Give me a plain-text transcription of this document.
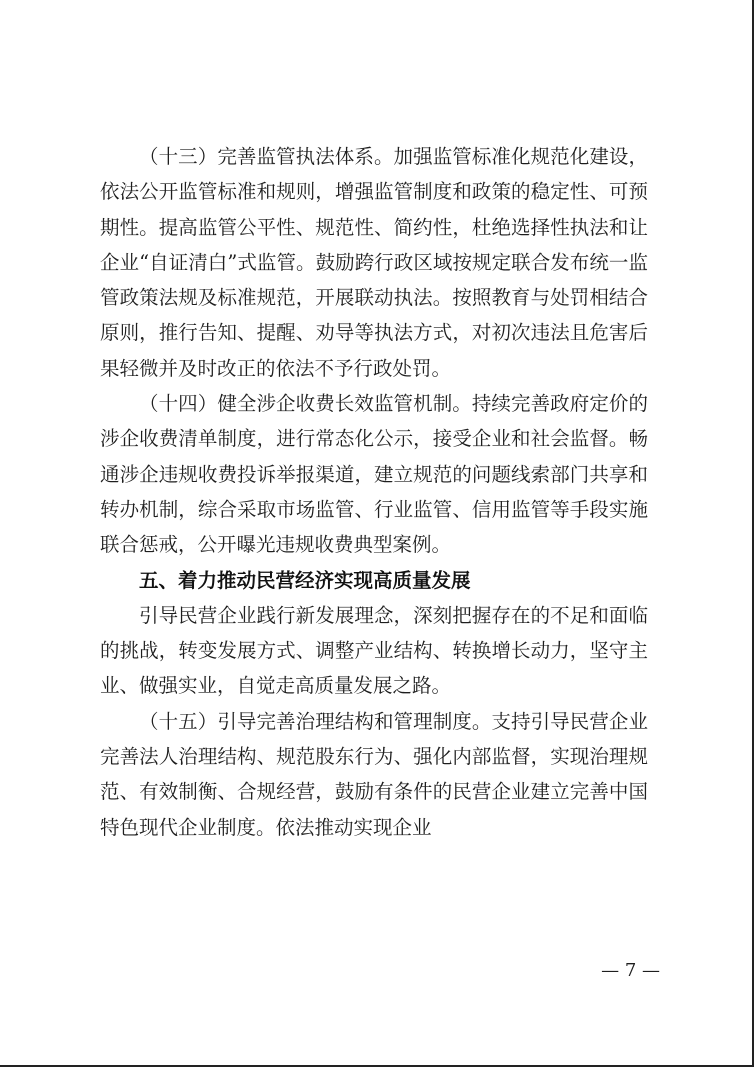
（十三）完善监管执法体系。加强监管标准化规范化建设，依法公开监管标准和规则，增强监管制度和政策的稳定性、可预期性。提高监管公平性、规范性、简约性，杜绝选择性执法和让企业“自证清白”式监管。鼓励跨行政区域按规定联合发布统一监管政策法规及标准规范，开展联动执法。按照教育与处罚相结合原则，推行告知、提醒、劝导等执法方式，对初次违法且危害后果轻微并及时改正的依法不予行政处罚。

（十四）健全涉企收费长效监管机制。持续完善政府定价的涉企收费清单制度，进行常态化公示，接受企业和社会监督。畅通涉企违规收费投诉举报渠道，建立规范的问题线索部门共享和转办机制，综合采取市场监管、行业监管、信用监管等手段实施联合惩戒，公开曝光违规收费典型案例。

五、着力推动民营经济实现高质量发展

引导民营企业践行新发展理念，深刻把握存在的不足和面临的挑战，转变发展方式、调整产业结构、转换增长动力，坚守主业、做强实业，自觉走高质量发展之路。

（十五）引导完善治理结构和管理制度。支持引导民营企业完善法人治理结构、规范股东行为、强化内部监督，实现治理规范、有效制衡、合规经营，鼓励有条件的民营企业建立完善中国特色现代企业制度。依法推动实现企业

— 7 —
